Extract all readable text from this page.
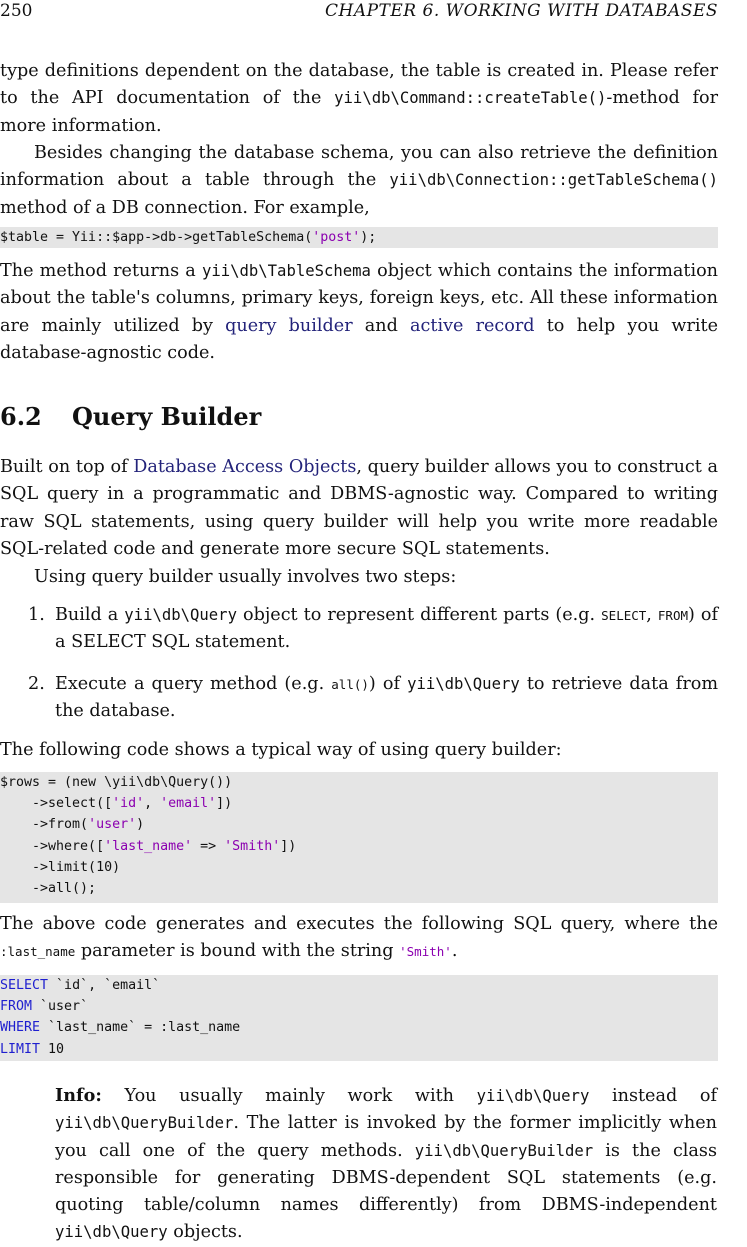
250	CHAPTER 6. WORKING WITH DATABASES

type definitions dependent on the database, the table is created in. Please refer to the API documentation of the yii\db\Command::createTable()-method for more information.

Besides changing the database schema, you can also retrieve the definition information about a table through the yii\db\Connection::getTableSchema() method of a DB connection. For example,

$table = Yii::$app->db->getTableSchema('post');

The method returns a yii\db\TableSchema object which contains the information about the table's columns, primary keys, foreign keys, etc. All these information are mainly utilized by query builder and active record to help you write database-agnostic code.

6.2 Query Builder

Built on top of Database Access Objects, query builder allows you to construct a SQL query in a programmatic and DBMS-agnostic way. Compared to writing raw SQL statements, using query builder will help you write more readable SQL-related code and generate more secure SQL statements.

Using query builder usually involves two steps:

1. Build a yii\db\Query object to represent different parts (e.g. SELECT, FROM) of a SELECT SQL statement.
2. Execute a query method (e.g. all()) of yii\db\Query to retrieve data from the database.

The following code shows a typical way of using query builder:

$rows = (new \yii\db\Query())
->select(['id', 'email'])
->from('user')
->where(['last_name' => 'Smith'])
->limit(10)
->all();

The above code generates and executes the following SQL query, where the :last_name parameter is bound with the string 'Smith'.

SELECT `id`, `email`
FROM `user`
WHERE `last_name` = :last_name
LIMIT 10

Info: You usually mainly work with yii\db\Query instead of yii\db\QueryBuilder. The latter is invoked by the former implicitly when you call one of the query methods. yii\db\QueryBuilder is the class responsible for generating DBMS-dependent SQL statements (e.g. quoting table/column names differently) from DBMS-independent yii\db\Query objects.
